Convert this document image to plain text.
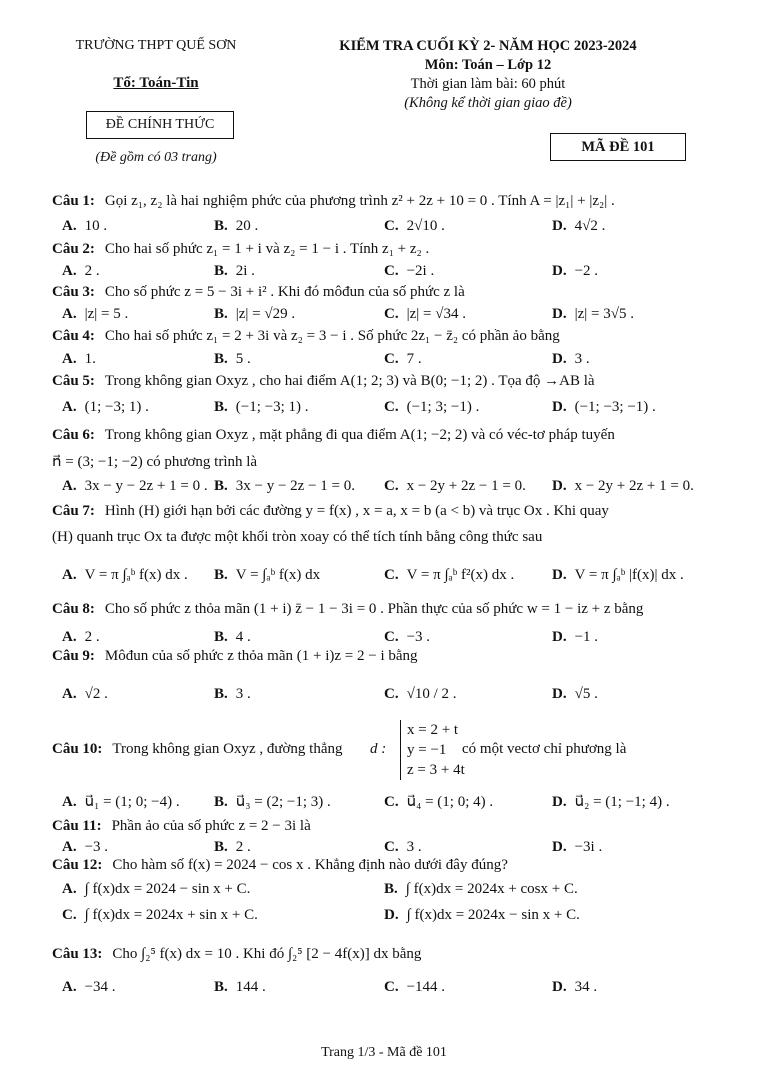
TRƯỜNG THPT QUẾ SƠN
Tổ: Toán-Tin
ĐỀ CHÍNH THỨC
(Đề gồm có 03 trang)
KIỂM TRA CUỐI KỲ 2- NĂM HỌC 2023-2024
Môn: Toán – Lớp 12
Thời gian làm bài: 60 phút
(Không kể thời gian giao đề)
MÃ ĐỀ 101
Câu 1: Gọi z₁, z₂ là hai nghiệm phức của phương trình z² + 2z + 10 = 0 . Tính A = |z₁| + |z₂| .
A. 10 .	B. 20 .	C. 2√10 .	D. 4√2 .
Câu 2: Cho hai số phức z₁ = 1 + i và z₂ = 1 − i . Tính z₁ + z₂ .
A. 2 .	B. 2i .	C. −2i .	D. −2 .
Câu 3: Cho số phức z = 5 − 3i + i² . Khi đó môđun của số phức z là
A. |z| = 5 .	B. |z| = √29 .	C. |z| = √34 .	D. |z| = 3√5 .
Câu 4: Cho hai số phức z₁ = 2 + 3i và z₂ = 3 − i . Số phức 2z₁ − z̄₂ có phần ảo bằng
A. 1.	B. 5 .	C. 7 .	D. 3 .
Câu 5: Trong không gian Oxyz , cho hai điểm A(1; 2; 3) và B(0; −1; 2) . Tọa độ →AB là
A. (1; −3; 1) .	B. (−1; −3; 1) .	C. (−1; 3; −1) .	D. (−1; −3; −1) .
Câu 6: Trong không gian Oxyz , mặt phẳng đi qua điểm A(1; −2; 2) và có véc-tơ pháp tuyến
n⃗ = (3; −1; −2) có phương trình là
A. 3x − y − 2z + 1 = 0 . B. 3x − y − 2z − 1 = 0. C. x − 2y + 2z − 1 = 0. D. x − 2y + 2z + 1 = 0.
Câu 7: Hình (H) giới hạn bởi các đường y = f(x) , x = a, x = b (a < b) và trục Ox . Khi quay
(H) quanh trục Ox ta được một khối tròn xoay có thể tích tính bằng công thức sau
A. V = π ∫ₐᵇ f(x) dx . B. V = ∫ₐᵇ f(x) dx	C. V = π ∫ₐᵇ f²(x) dx .	D. V = π ∫ₐᵇ |f(x)| dx .
Câu 8: Cho số phức z thỏa mãn (1 + i) z̄ − 1 − 3i = 0 . Phần thực của số phức w = 1 − iz + z bằng
A. 2 .	B. 4 .	C. −3 .	D. −1 .
Câu 9: Môđun của số phức z thỏa mãn (1 + i)z = 2 − i bằng
A. √2 .	B. 3 .	C. √10 / 2 .	D. √5 .
Câu 10: Trong không gian Oxyz , đường thẳng d :
x = 2 + t
y = −1
z = 3 + 4t
có một vectơ chỉ phương là
A. u⃗₁ = (1; 0; −4) . B. u⃗₃ = (2; −1; 3) .	C. u⃗₄ = (1; 0; 4) .	D. u⃗₂ = (1; −1; 4) .
Câu 11: Phần ảo của số phức z = 2 − 3i là
A. −3 .	B. 2 .	C. 3 .	D. −3i .
Câu 12: Cho hàm số f(x) = 2024 − cos x . Khẳng định nào dưới đây đúng?
A. ∫ f(x)dx = 2024 − sin x + C.	B. ∫ f(x)dx = 2024x + cosx + C.
C. ∫ f(x)dx = 2024x + sin x + C.	D. ∫ f(x)dx = 2024x − sin x + C.
Câu 13: Cho ∫₂⁵ f(x) dx = 10 . Khi đó ∫₂⁵ [2 − 4f(x)] dx bằng
A. −34 .	B. 144 .	C. −144 .	D. 34 .
Trang 1/3 - Mã đề 101
